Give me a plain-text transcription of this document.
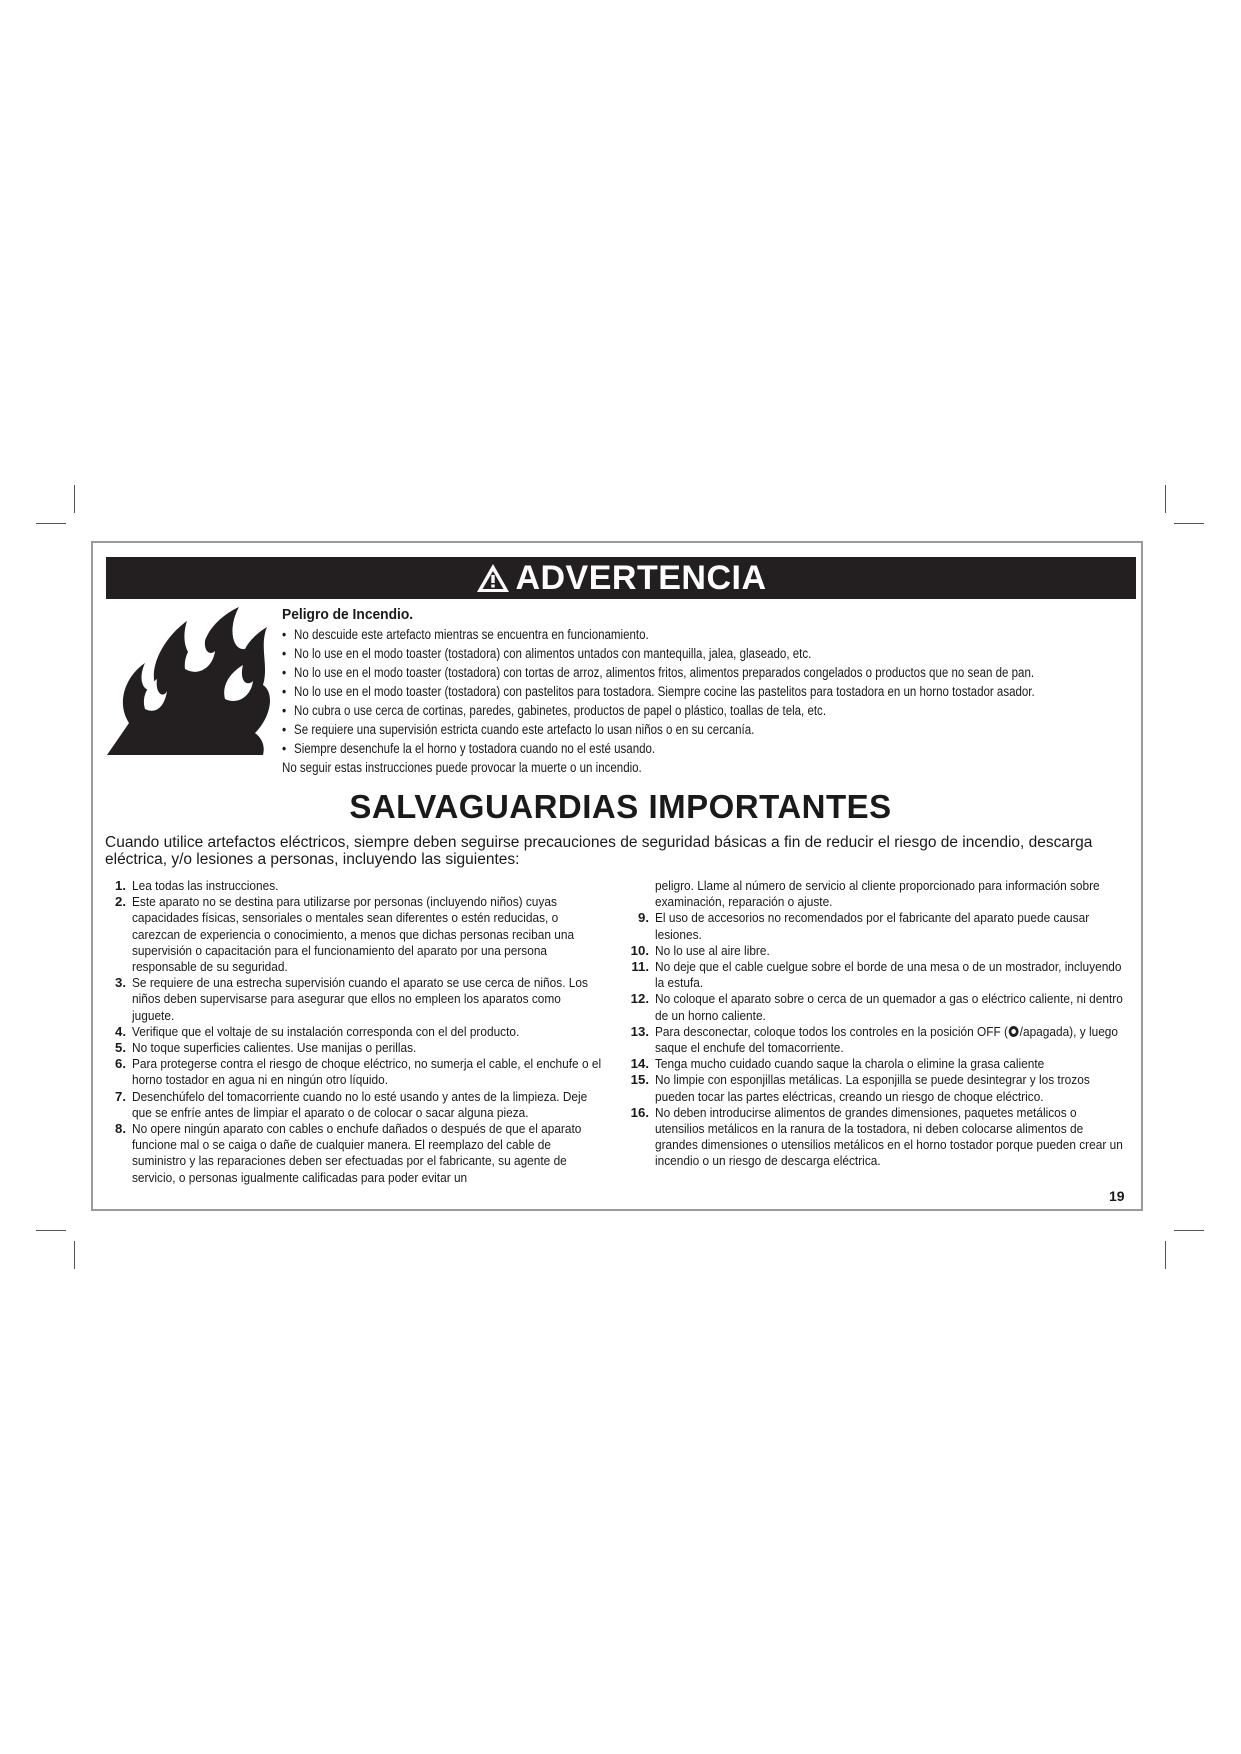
ADVERTENCIA

Peligro de Incendio.

• No descuide este artefacto mientras se encuentra en funcionamiento.
• No lo use en el modo toaster (tostadora) con alimentos untados con mantequilla, jalea, glaseado, etc.
• No lo use en el modo toaster (tostadora) con tortas de arroz, alimentos fritos, alimentos preparados congelados o productos que no sean de pan.
• No lo use en el modo toaster (tostadora) con pastelitos para tostadora. Siempre cocine las pastelitos para tostadora en un horno tostador asador.
• No cubra o use cerca de cortinas, paredes, gabinetes, productos de papel o plástico, toallas de tela, etc.
• Se requiere una supervisión estricta cuando este artefacto lo usan niños o en su cercanía.
• Siempre desenchufe la el horno y tostadora cuando no el esté usando.

No seguir estas instrucciones puede provocar la muerte o un incendio.

SALVAGUARDIAS IMPORTANTES

Cuando utilice artefactos eléctricos, siempre deben seguirse precauciones de seguridad básicas a fin de reducir el riesgo de incendio, descarga eléctrica, y/o lesiones a personas, incluyendo las siguientes:

1. Lea todas las instrucciones.
2. Este aparato no se destina para utilizarse por personas (incluyendo niños) cuyas capacidades físicas, sensoriales o mentales sean diferentes o estén reducidas, o carezcan de experiencia o conocimiento, a menos que dichas personas reciban una supervisión o capacitación para el funcionamiento del aparato por una persona responsable de su seguridad.
3. Se requiere de una estrecha supervisión cuando el aparato se use cerca de niños. Los niños deben supervisarse para asegurar que ellos no empleen los aparatos como juguete.
4. Verifique que el voltaje de su instalación corresponda con el del producto.
5. No toque superficies calientes. Use manijas o perillas.
6. Para protegerse contra el riesgo de choque eléctrico, no sumerja el cable, el enchufe o el horno tostador en agua ni en ningún otro líquido.
7. Desenchúfelo del tomacorriente cuando no lo esté usando y antes de la limpieza. Deje que se enfríe antes de limpiar el aparato o de colocar o sacar alguna pieza.
8. No opere ningún aparato con cables o enchufe dañados o después de que el aparato funcione mal o se caiga o dañe de cualquier manera. El reemplazo del cable de suministro y las reparaciones deben ser efectuadas por el fabricante, su agente de servicio, o personas igualmente calificadas para poder evitar un

peligro. Llame al número de servicio al cliente proporcionado para información sobre examinación, reparación o ajuste.

9. El uso de accesorios no recomendados por el fabricante del aparato puede causar lesiones.
10. No lo use al aire libre.
11. No deje que el cable cuelgue sobre el borde de una mesa o de un mostrador, incluyendo la estufa.
12. No coloque el aparato sobre o cerca de un quemador a gas o eléctrico caliente, ni dentro de un horno caliente.
13. Para desconectar, coloque todos los controles en la posición OFF ( /apagada), y luego saque el enchufe del tomacorriente.
14. Tenga mucho cuidado cuando saque la charola o elimine la grasa caliente
15. No limpie con esponjillas metálicas. La esponjilla se puede desintegrar y los trozos pueden tocar las partes eléctricas, creando un riesgo de choque eléctrico.
16. No deben introducirse alimentos de grandes dimensiones, paquetes metálicos o utensilios metálicos en la ranura de la tostadora, ni deben colocarse alimentos de grandes dimensiones o utensilios metálicos en el horno tostador porque pueden crear un incendio o un riesgo de descarga eléctrica.
19
